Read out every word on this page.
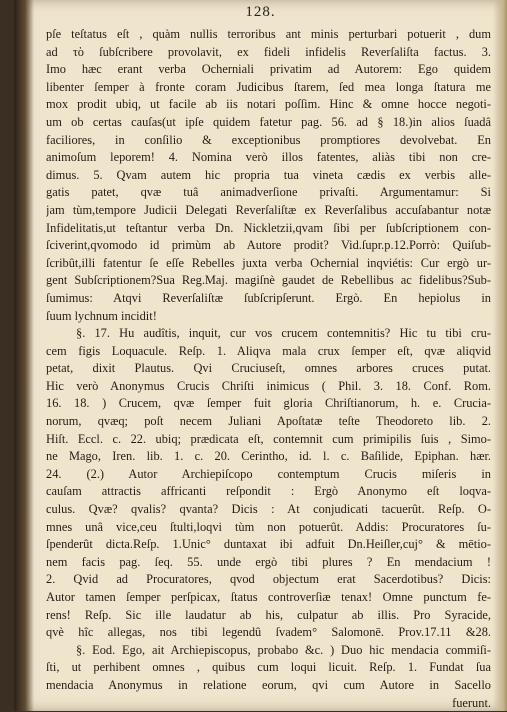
128.
pſe teſtatus eſt , quàm nullis terroribus ant minis perturbari potuerit , dum
ad τὸ ſubſcribere provolavit, ex fideli infidelis Reverſaliſta factus. 3.
Imo hæc erant verba Ocherniali privatim ad Autorem: Ego quidem
libenter ſemper à fronte coram Judicibus ſtarem, ſed mea longa ſtatura me
mox prodit ubiq, ut facile ab iis notari poſſim. Hinc & omne hocce negoti-
um ob certas cauſas(ut ipſe quidem fatetur pag. 56. ad § 18.)in alios ſuadâ
faciliores, in conſilio & exceptionibus promptiores devolvebat. En
animoſum leporem! 4. Nomina verò illos fatentes, aliàs tibi non cre-
dimus. 5. Qvam autem hic propria tua vineta cædis ex verbis alle-
gatis patet, qvæ tuâ animadverſione privaſti. Argumentamur: Si
jam tùm,tempore Judicii Delegati Reverſaliſtæ ex Reverſalibus accuſabantur notæ
Infidelitatis,ut teſtantur verba Dn. Nickletzii,qvam ſibi per ſubſcriptionem con-
ſciverint,qvomodo id primùm ab Autore prodit? Vid.ſupr.p.12.Porrò: Quiſub-
ſcribût,illi fatentur ſe eſſe Rebelles juxta verba Ochernial inqviétis: Cur ergò ur-
gent Subſcriptionem?Sua Reg.Maj. magiſnè gaudet de Rebellibus ac fidelibus?Sub-
ſumimus: Atqvi Reverſaliſtæ ſubſcripſerunt. Ergò. En hepiolus in
ſuum lychnum incidit!
§. 17. Hu audîtis, inquit, cur vos crucem contemnitis? Hic tu tibi cru-
cem figis Loquacule. Reſp. 1. Aliqva mala crux ſemper eſt, qvæ aliqvid
petat, dixit Plautus. Qvi Cruciuseſt, omnes arbores cruces putat.
Hic verò Anonymus Crucis Chriſti inimicus ( Phil. 3. 18. Conf. Rom.
16. 18. ) Crucem, qvæ ſemper fuit gloria Chriſtianorum, h. e. Crucia-
norum, qvæq; poſt necem Juliani Apoſtatæ teſte Theodoreto lib. 2.
Hiſt. Eccl. c. 22. ubiq; prædicata eſt, contemnit cum primipilis ſuis , Simo-
ne Mago, Iren. lib. 1. c. 20. Cerintho, id. l. c. Baſilide, Epiphan. hær.
24. (2.) Autor Archiepiſcopo contemptum Crucis miſeris in
cauſam attractis affricanti reſpondit : Ergò Anonymo eſt loqva-
culus. Qvæ? qvalis? qvanta? Dicis : At conjudicati tacuerût. Reſp. O-
mnes unâ vice,ceu ſtulti,loqvi tùm non potuerût. Addis: Procuratores ſu-
ſpenderût dicta.Reſp. 1.Unic° duntaxat ibi adfuit Dn.Heiſler,cuj° & mētio-
nem facis pag. ſeq. 55. unde ergò tibi plures ? En mendacium !
2. Qvid ad Procuratores, qvod objectum erat Sacerdotibus? Dicis:
Autor tamen ſemper perſpicax, ſtatus controverſiæ tenax! Omne punctum fe-
rens! Reſp. Sic ille laudatur ab his, culpatur ab illis. Pro Syracide,
qvè hîc allegas, nos tibi legendû ſvadem° Salomonē. Prov.17.11 &28.
§. Eod. Ego, ait Archiepiscopus, probabo &c. ) Duo hic mendacia commiſi-
ſti, ut perhibent omnes , quibus cum loqui licuit. Reſp. 1. Fundat ſua
mendacia Anonymus in relatione eorum, qvi cum Autore in Sacello
fuerunt.
